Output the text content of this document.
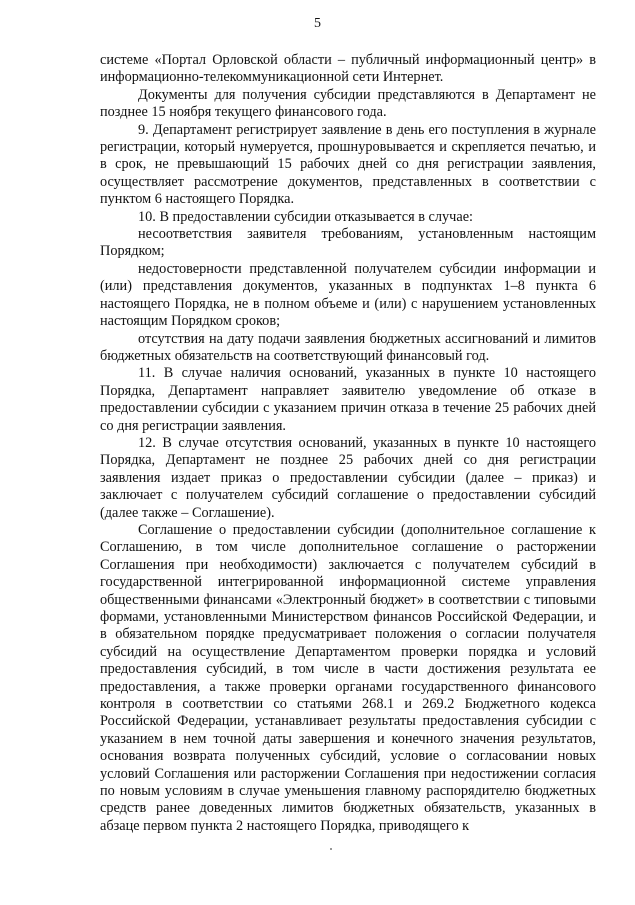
5

системе «Портал Орловской области – публичный информационный центр» в информационно-телекоммуникационной сети Интернет.

Документы для получения субсидии представляются в Департамент не позднее 15 ноября текущего финансового года.

9. Департамент регистрирует заявление в день его поступления в журнале регистрации, который нумеруется, прошнуровывается и скрепляется печатью, и в срок, не превышающий 15 рабочих дней со дня регистрации заявления, осуществляет рассмотрение документов, представленных в соответствии с пунктом 6 настоящего Порядка.

10. В предоставлении субсидии отказывается в случае:

несоответствия заявителя требованиям, установленным настоящим Порядком;

недостоверности представленной получателем субсидии информации и (или) представления документов, указанных в подпунктах 1–8 пункта 6 настоящего Порядка, не в полном объеме и (или) с нарушением установленных настоящим Порядком сроков;

отсутствия на дату подачи заявления бюджетных ассигнований и лимитов бюджетных обязательств на соответствующий финансовый год.

11. В случае наличия оснований, указанных в пункте 10 настоящего Порядка, Департамент направляет заявителю уведомление об отказе в предоставлении субсидии с указанием причин отказа в течение 25 рабочих дней со дня регистрации заявления.

12. В случае отсутствия оснований, указанных в пункте 10 настоящего Порядка, Департамент не позднее 25 рабочих дней со дня регистрации заявления издает приказ о предоставлении субсидии (далее – приказ) и заключает с получателем субсидий соглашение о предоставлении субсидий (далее также – Соглашение).

Соглашение о предоставлении субсидии (дополнительное соглашение к Соглашению, в том числе дополнительное соглашение о расторжении Соглашения при необходимости) заключается с получателем субсидий в государственной интегрированной информационной системе управления общественными финансами «Электронный бюджет» в соответствии с типовыми формами, установленными Министерством финансов Российской Федерации, и в обязательном порядке предусматривает положения о согласии получателя субсидий на осуществление Департаментом проверки порядка и условий предоставления субсидий, в том числе в части достижения результата ее предоставления, а также проверки органами государственного финансового контроля в соответствии со статьями 268.1 и 269.2 Бюджетного кодекса Российской Федерации, устанавливает результаты предоставления субсидии с указанием в нем точной даты завершения и конечного значения результатов, основания возврата полученных субсидий, условие о согласовании новых условий Соглашения или расторжении Соглашения при недостижении согласия по новым условиям в случае уменьшения главному распорядителю бюджетных средств ранее доведенных лимитов бюджетных обязательств, указанных в абзаце первом пункта 2 настоящего Порядка, приводящего к
